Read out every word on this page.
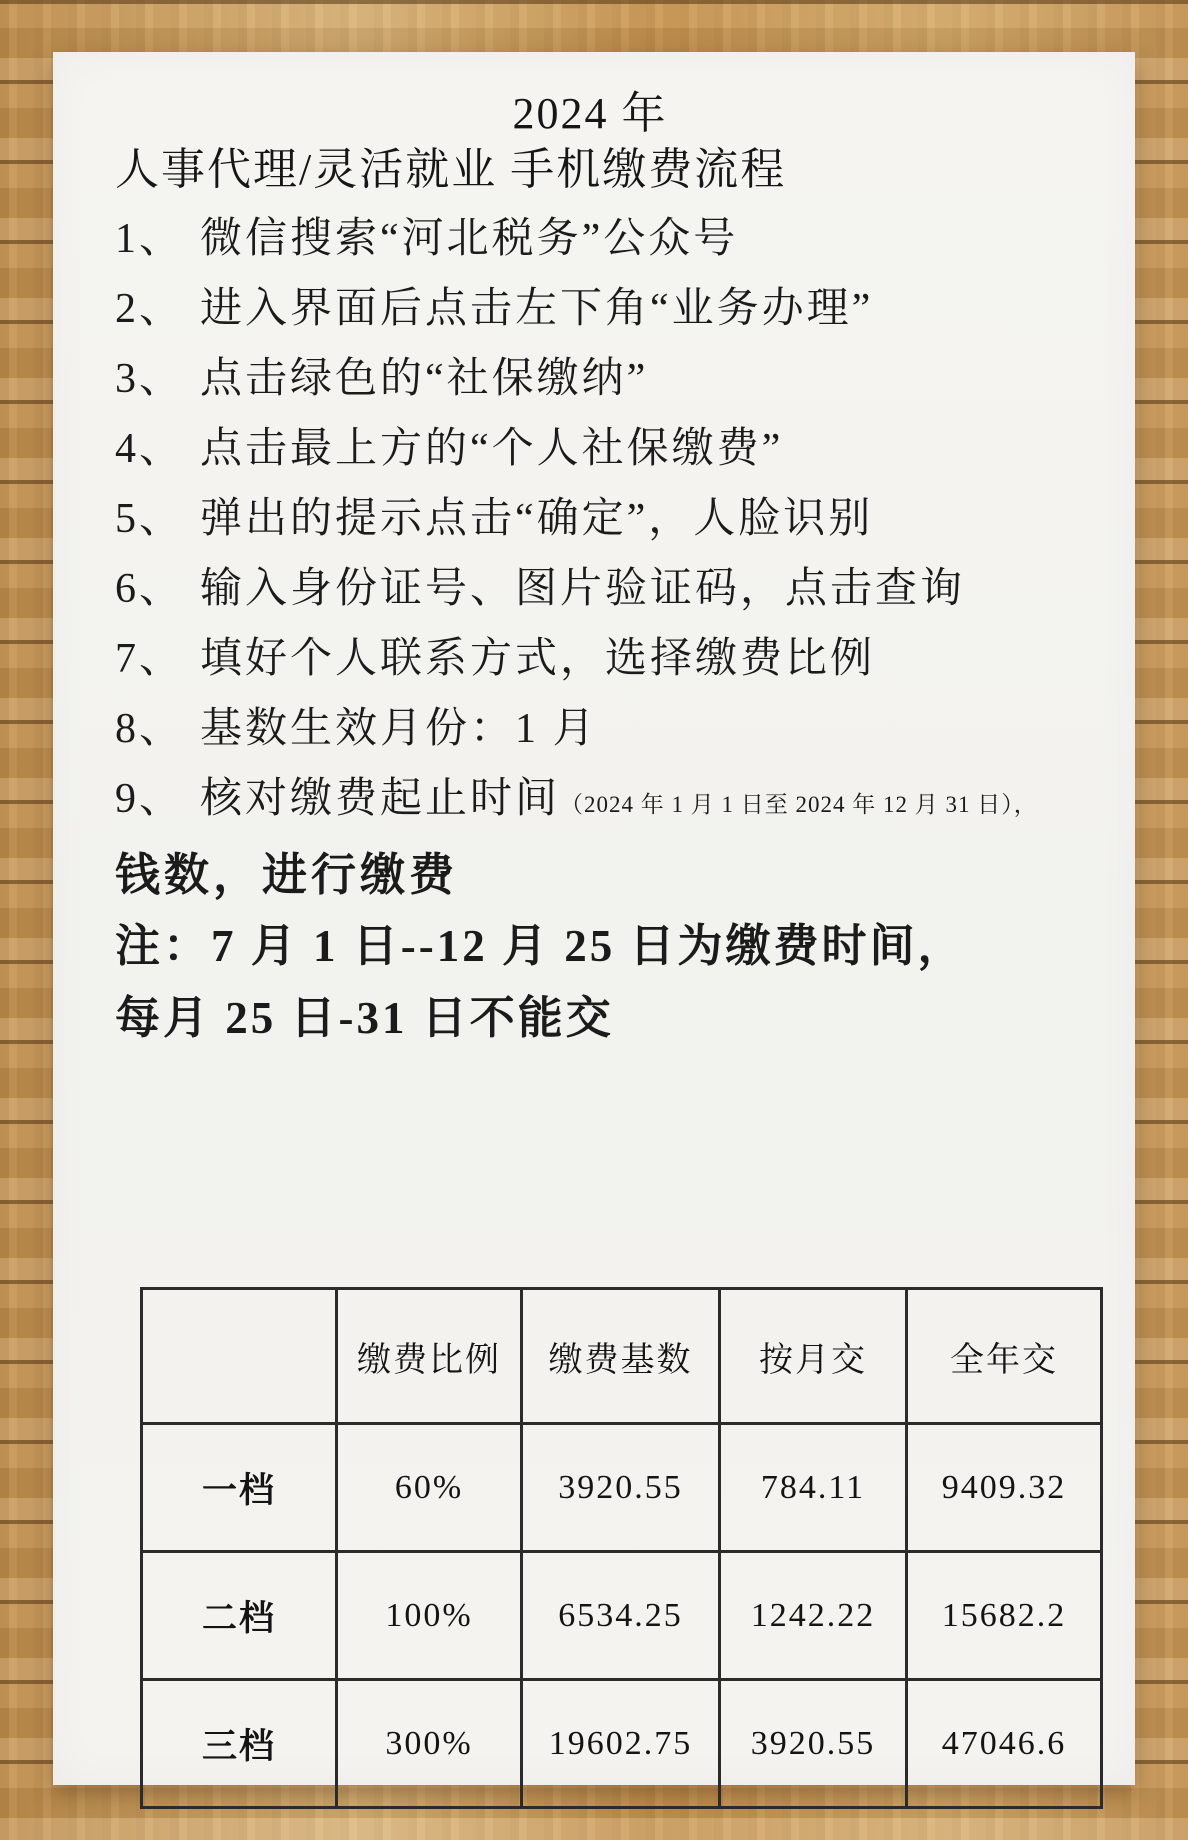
2024 年
人事代理/灵活就业 手机缴费流程
1、 微信搜索“河北税务”公众号
2、 进入界面后点击左下角“业务办理”
3、 点击绿色的“社保缴纳”
4、 点击最上方的“个人社保缴费”
5、 弹出的提示点击“确定”，人脸识别
6、 输入身份证号、图片验证码，点击查询
7、 填好个人联系方式，选择缴费比例
8、 基数生效月份：1 月
9、 核对缴费起止时间（2024 年 1 月 1 日至 2024 年 12 月 31 日），
钱数，进行缴费
注：7 月 1 日--12 月 25 日为缴费时间，
每月 25 日-31 日不能交
	缴费比例	缴费基数	按月交	全年交
一档	60%	3920.55	784.11	9409.32
二档	100%	6534.25	1242.22	15682.2
三档	300%	19602.75	3920.55	47046.6
